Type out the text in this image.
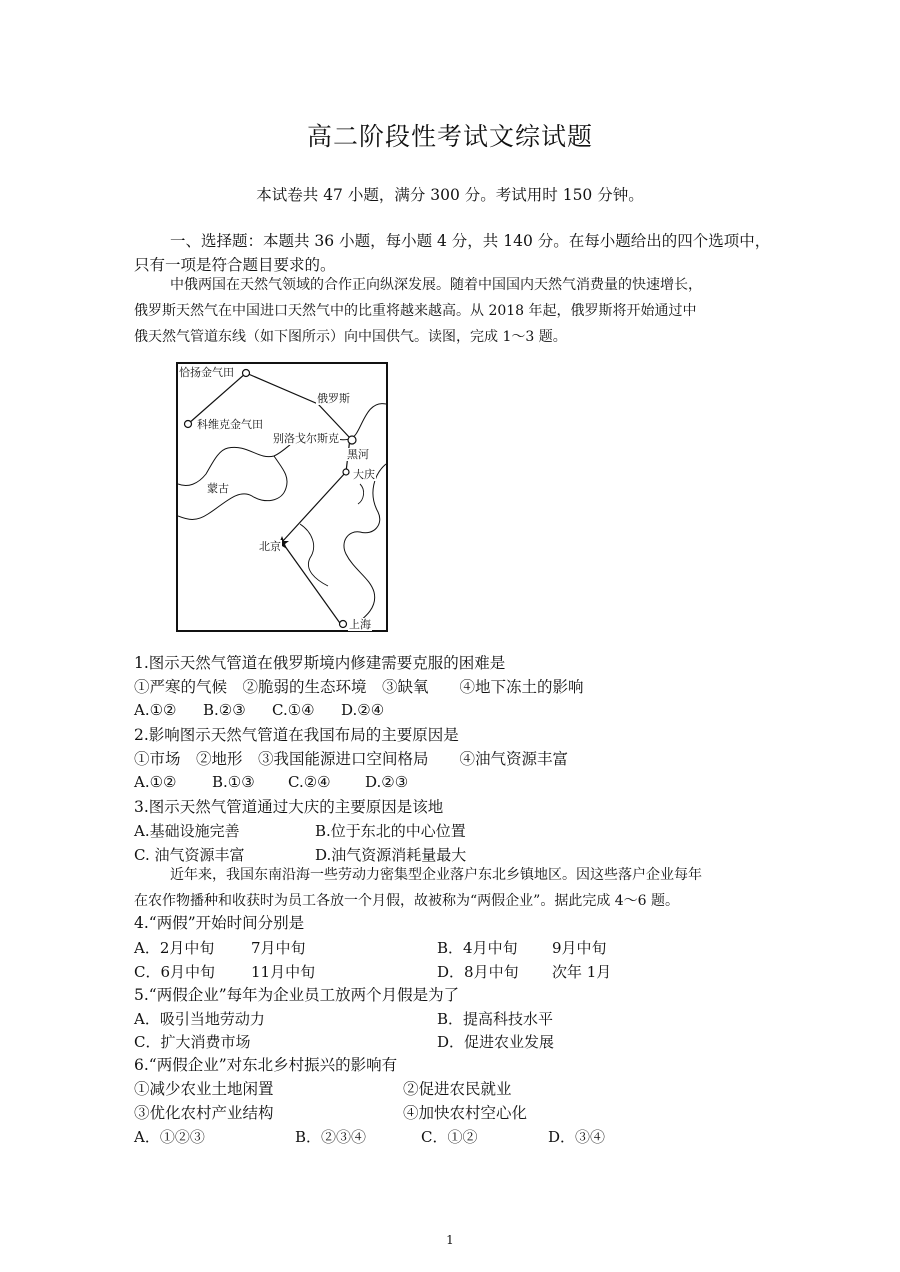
高二阶段性考试文综试题
本试卷共 47 小题，满分 300 分。考试用时 150 分钟。
一、选择题：本题共 36 小题，每小题 4 分，共 140 分。在每小题给出的四个选项中，
只有一项是符合题目要求的。
中俄两国在天然气领域的合作正向纵深发展。随着中国国内天然气消费量的快速增长，
俄罗斯天然气在中国进口天然气中的比重将越来越高。从 2018 年起，俄罗斯将开始通过中
俄天然气管道东线（如下图所示）向中国供气。读图，完成 1～3 题。
恰扬金气田
科维克金气田
俄罗斯
别洛戈尔斯克
黑河
大庆
蒙古
北京
上海
1.图示天然气管道在俄罗斯境内修建需要克服的困难是
①严寒的气候　②脆弱的生态环境　③缺氧　　④地下冻土的影响
A.①② B.②③ C.①④ D.②④
2.影响图示天然气管道在我国布局的主要原因是
①市场　②地形　③我国能源进口空间格局　　④油气资源丰富
A.①② B.①③ C.②④ D.②③
3.图示天然气管道通过大庆的主要原因是该地
A.基础设施完善	B.位于东北的中心位置
C. 油气资源丰富	D.油气资源消耗量最大
近年来，我国东南沿海一些劳动力密集型企业落户东北乡镇地区。因这些落户企业每年
在农作物播种和收获时为员工各放一个月假，故被称为“两假企业”。据此完成 4～6 题。
4.“两假”开始时间分别是
A．2月中旬 7月中旬	B．4月中旬 9月中旬
C．6月中旬 11月中旬	D．8月中旬 次年 1月
5.“两假企业”每年为企业员工放两个月假是为了
A．吸引当地劳动力	B．提高科技水平
C．扩大消费市场	D．促进农业发展
6.“两假企业”对东北乡村振兴的影响有
①减少农业土地闲置	②促进农民就业
③优化农村产业结构	④加快农村空心化
A．①②③	B．②③④	C．①②	D．③④
1
